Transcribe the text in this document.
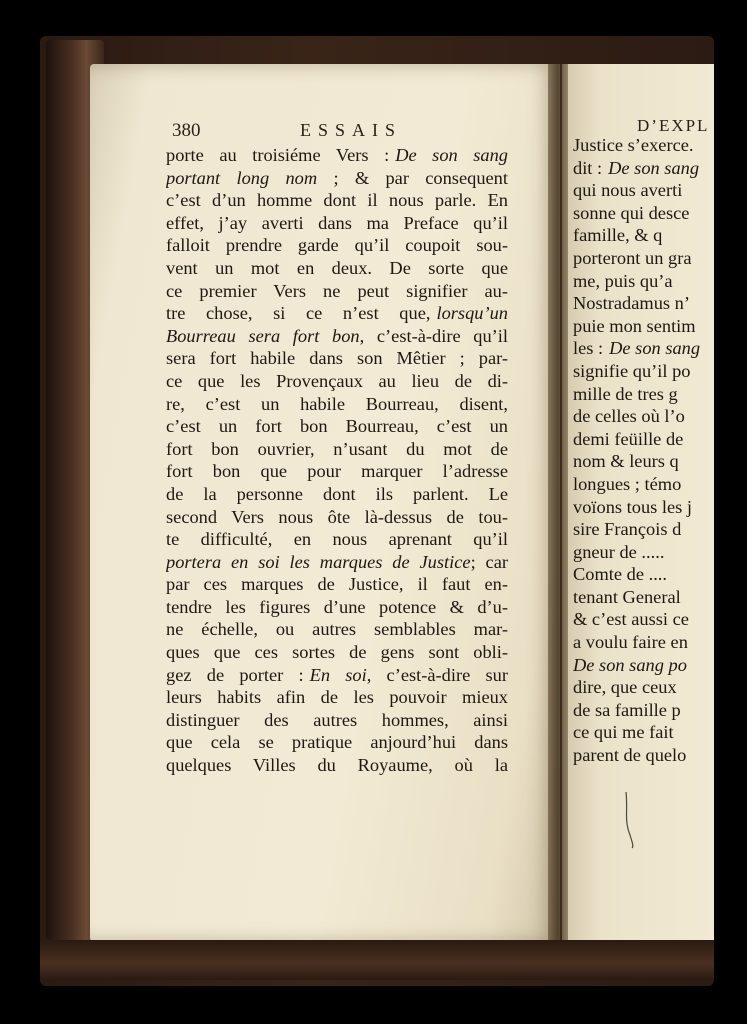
380	ESSAIS
porte au troisiéme Vers : De son sang
portant long nom ; & par consequent
c’est d’un homme dont il nous parle. En
effet, j’ay averti dans ma Preface qu’il
falloit prendre garde qu’il coupoit sou-
vent un mot en deux. De sorte que
ce premier Vers ne peut signifier au-
tre chose, si ce n’est que, lorsqu’un
Bourreau sera fort bon, c’est-à-dire qu’il
sera fort habile dans son Mêtier ; par-
ce que les Provençaux au lieu de di-
re, c’est un habile Bourreau, disent,
c’est un fort bon Bourreau, c’est un
fort bon ouvrier, n’usant du mot de
fort bon que pour marquer l’adresse
de la personne dont ils parlent. Le
second Vers nous ôte là-dessus de tou-
te difficulté, en nous aprenant qu’il
portera en soi les marques de Justice; car
par ces marques de Justice, il faut en-
tendre les figures d’une potence & d’u-
ne échelle, ou autres semblables mar-
ques que ces sortes de gens sont obli-
gez de porter : En soi, c’est-à-dire sur
leurs habits afin de les pouvoir mieux
distinguer des autres hommes, ainsi
que cela se pratique anjourd’hui dans
quelques Villes du Royaume, où la
D’EXPL
Justice s’exerce.
dit : De son sang
qui nous averti
sonne qui desce
famille, & q
porteront un gra
me, puis qu’a
Nostradamus n’
puie mon sentim
les : De son sang
signifie qu’il po
mille de tres g
de celles où l’o
demi feüille de
nom & leurs q
longues ; témo
voïons tous les j
sire François d
gneur de .....
Comte de ....
tenant General
& c’est aussi ce
a voulu faire en
De son sang po
dire, que ceux
de sa famille p
ce qui me fait
parent de quelo
